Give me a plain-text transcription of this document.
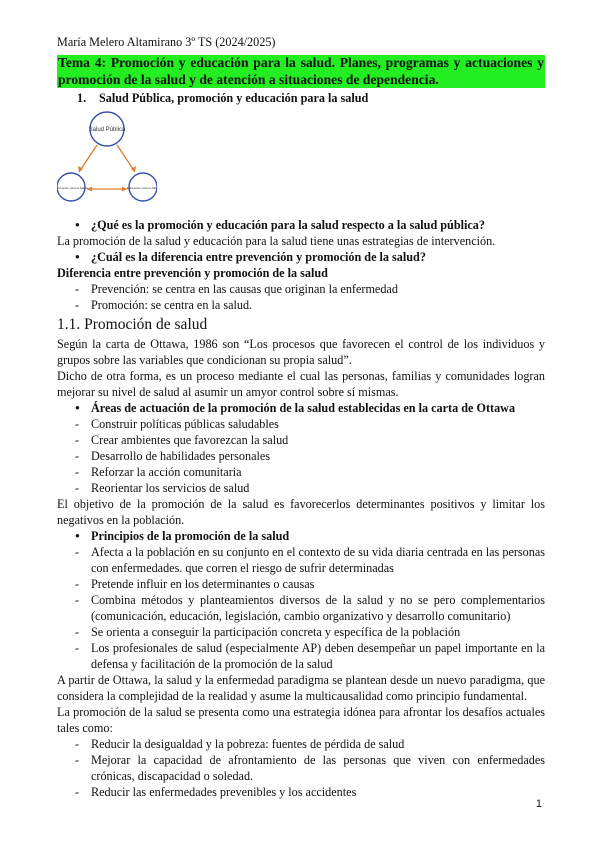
María Melero Altamirano 3º TS (2024/2025)
Tema 4: Promoción y educación para la salud. Planes, programas y actuaciones y promoción de la salud y de atención a situaciones de dependencia.
1. Salud Pública, promoción y educación para la salud
Salud Pública
Promoción para la Salud	Educación para la Salud
● ¿Qué es la promoción y educación para la salud respecto a la salud pública?

La promoción de la salud y educación para la salud tiene unas estrategias de intervención.

● ¿Cuál es la diferencia entre prevención y promoción de la salud?

Diferencia entre prevención y promoción de la salud

- Prevención: se centra en las causas que originan la enfermedad
- Promoción: se centra en la salud.
1.1. Promoción de salud

Según la carta de Ottawa, 1986 son “Los procesos que favorecen el control de los individuos y grupos sobre las variables que condicionan su propia salud”.

Dicho de otra forma, es un proceso mediante el cual las personas, familias y comunidades logran mejorar su nivel de salud al asumir un amyor control sobre sí mismas.

● Áreas de actuación de la promoción de la salud establecidas en la carta de Ottawa
- Construir políticas públicas saludables
- Crear ambientes que favorezcan la salud
- Desarrollo de habilidades personales
- Reforzar la acción comunitaria
- Reorientar los servicios de salud

El objetivo de la promoción de la salud es favorecerlos determinantes positivos y limitar los negativos en la población.

● Principios de la promoción de la salud
- Afecta a la población en su conjunto en el contexto de su vida diaria centrada en las personas con enfermedades. que corren el riesgo de sufrir determinadas
- Pretende influir en los determinantes o causas
- Combina métodos y planteamientos diversos de la salud y no se pero complementarios (comunicación, educación, legislación, cambio organizativo y desarrollo comunitario)
- Se orienta a conseguir la participación concreta y específica de la población
- Los profesionales de salud (especialmente AP) deben desempeñar un papel importante en la defensa y facilitación de la promoción de la salud

A partir de Ottawa, la salud y la enfermedad paradigma se plantean desde un nuevo paradigma, que considera la complejidad de la realidad y asume la multicausalidad como principio fundamental.

La promoción de la salud se presenta como una estrategia idónea para afrontar los desafíos actuales tales como:

- Reducir la desigualdad y la pobreza: fuentes de pérdida de salud
- Mejorar la capacidad de afrontamiento de las personas que viven con enfermedades crónicas, discapacidad o soledad.
- Reducir las enfermedades prevenibles y los accidentes
1
